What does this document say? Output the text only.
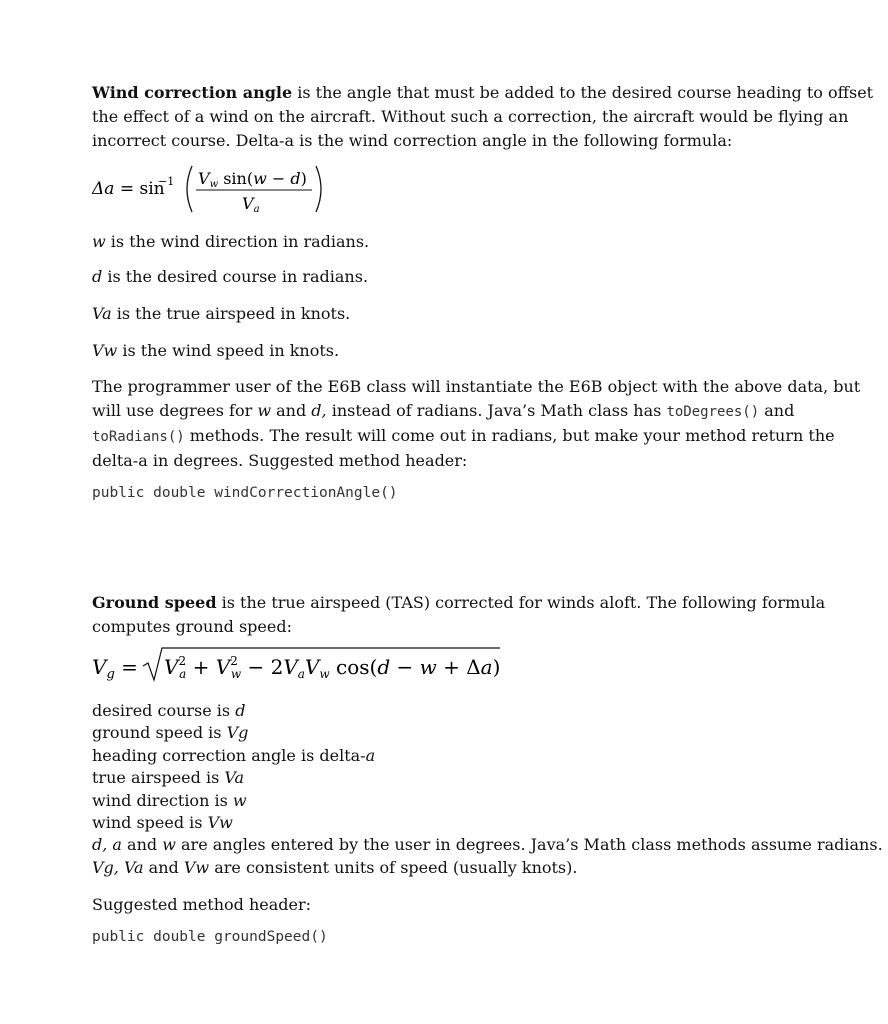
Wind correction angle is the angle that must be added to the desired course heading to offset
the effect of a wind on the aircraft. Without such a correction, the aircraft would be flying an
incorrect course. Delta-a is the wind correction angle in the following formula:

Δa = sin
−1 Vw sin(w − d)
Va

w is the wind direction in radians.

d is the desired course in radians.

Va is the true airspeed in knots.

Vw is the wind speed in knots.

The programmer user of the E6B class will instantiate the E6B object with the above data, but
will use degrees for w and d, instead of radians. Java’s Math class has toDegrees() and
toRadians() methods. The result will come out in radians, but make your method return the
delta-a in degrees. Suggested method header:

public double windCorrectionAngle()

Ground speed is the true airspeed (TAS) corrected for winds aloft. The following formula
computes ground speed:

$V_g = V^2$ $a + V^2$ $w - 2V_aV_w$ cos(d − w + Δa)

desired course is d
ground speed is Vg
heading correction angle is delta-a
true airspeed is Va
wind direction is w
wind speed is Vw
d, a and w are angles entered by the user in degrees. Java’s Math class methods assume radians.
Vg, Va and Vw are consistent units of speed (usually knots).

Suggested method header:

public double groundSpeed()
